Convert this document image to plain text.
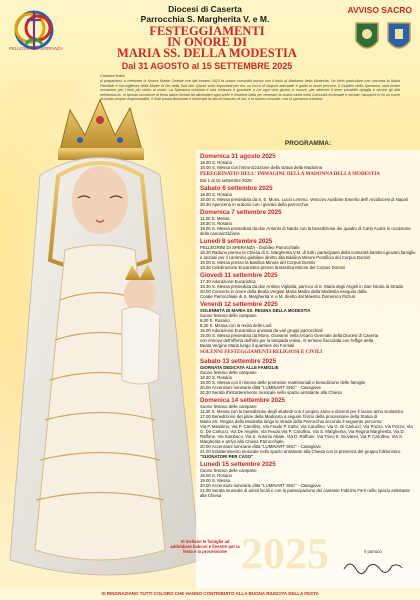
PELLEGRINI DI SPERANZA
Diocesi di Caserta
Parrocchia S. Margherita V. e M.
AVVISO SACRO
FESTEGGIAMENTI
IN ONORE DI
MARIA SS. DELLA MODESTIA
Dal 31 AGOSTO al 15 SETTEMBRE 2025
Carissimi fedeli,
si prepariamo a celebrare la Nostra Madre Celeste che dal lontano 1623 la nostra comunità invoca con il titolo di Madonna della Modestia. Un titolo particolare che racconta la Maria Familiale e l'accoglienza della Madre di Dio nella Sua vita. Questi sono importanti per noi, un tocco di stupore adorabile e guida ai nostri percorsi. Il Giubileo della Speranza, sarà inoltre occasione per i temi più vicino ai nostri. La Speranza cristiana è una certezza e guardare a Lei ogni vero giorno ci muove, per ottenere il bene possibile ripaglia e servire gli altri nell'annuncio. In questa occasione di festa siamo invitati ad alimentare ogni stelle e renderla bella per venerare la nostra carità nella Comunità ecclesiale e sociale, riscoprire in lei un cuore accorato proprio responsabilità. Il Sole possa illuminare e rinnovare la vita di ciascuno di noi, e la nostra comunità, con la speranza cristiana.
PROGRAMMA:
Domenica 31 agosto 2025
18.30 S. Rosario
19.00 S. Messa con l'intronizzazione della statua della Madonna
PEREGRINATIO DELL' IMMAGINE DELLA MADONNA DELLA MODESTIA
Dal 1 al 10 settembre 2025
Sabato 6 settembre 2025
18.30 S. Rosario
19.00 S. Messa presieduta da S. E. Mons. Lucio Lemmo, Vescovo Ausiliare Emerito dell' Arcidiocesi di Napoli
20.30 Apericena in oratorio con i giovani della parrocchia
Domenica 7 settembre 2025
11.30 S. Messa
18.30 S. Rosario
19.00 S. Messa presieduta da don Antonio di Nardo con la benedizione dei quadro di Carlo Acutis in occasione della canonizzazione
Lunedì 8 settembre 2025
PELLEGRINI DI SPERANZA - Giubileo Parrocchiale
18.30 Raduno presso la Chiesa di S. Margherita V.M. di tutti i partecipanti della comunità bambini,giovani,famiglie e anziani per il cammino giubilare diretto alla Basilica Minore Pontificia del Corpus Domini
19.00 S. Messa presso la Basilica Minore del Corpus Domini
19.30 Celebrazione Eucaristica presso la Basilica Minore del Corpus Domini
Giovedì 11 settembre 2025
17.30 Adorazione Eucaristica
18.30 S. Messa presieduta da don Antimo Vigliotta, parroco di S. Maria degli Angeli in San Nicola la Strada
20.00 Concerto in onore della Beata Vergine Maria Madre della Modestia eseguito dalla
Corale Parrocchiale di S. Margherita V. e M. diretto dal Maestro Domenico Pizzuti
Venerdì 12 settembre 2025
SOLENNITÀ DI MARIA SS. REGINA DELLA MODESTIA
Suono festoso delle campane
8.00 S. Rosario
8.30 S. Messa con la recita delle Lodi
16.00 Adorazione Eucaristica animata da vari gruppi parrocchiali
19.00 S. Messa presieduta da Mons. Giovanni Vella,Vicario Generale della Diocesi di Caserta
con rinnovo dell'offerta dell'olio per la lampada votiva. Al termine fiaccolata con l'effige della
Beata Vergine Maria lungo il quartiere dei Formali
SOLENNI FESTEGGIAMENTI RELIGIOSI E CIVILI
Sabato 13 settembre 2025
GIORNATA DEDICATA ALLE FAMIGLIE
Suono festoso delle campane
18.30 S. Rosario
19.00 S. Messa con il rinnovo delle promesse matrimoniali e benedizione delle famiglie
20.00 Accensioni luminarie ditta "LUMINART SNC" - Casagiove
20.30 Serata d'intrattenimento musicale nello spazio antistante alla Chiesa
Domenica 14 settembre 2025
Suono festoso delle campane
11.30 S. Messa con la benedizione degli studenti con il proprio zaino e docenti per il nuovo anno scolastico
17.00 Benedizione del pane della Madonna a seguire l'inizio della processione della Statua di
Maria SS. Regina della Modestia lungo le strade della Parrocchia secondo il seguente percorso:
Via F. Massimo, Via P. Carollino, Via Feudo P. Iratto, Via Carollino, Via G. Di Carlucci, Via Pozzo, Via Pozzo, Via G. De Carlucci, Via De Angelis, Via Feudo,Via P. Carollino, Via S. Margherita, Via Regina Margherita, Via D. Raffone, Via Sambuco, Via S. Antonio Abate, Via D. Raffone, Via Trivio S. Giovanni, Via P. Carollino, Via S. Margherita e arrivo alla Chiesa Parrocchiale.
20.00 Accensioni luminarie ditta "LUMINART SNC" - Casagiove
21.00 Intrattenimento musicale nello spazio antistante alla Chiesa con la presenza del gruppo folkloristico
"SUONATORI PER CASO"
Lunedì 15 settembre 2025
Suono festoso delle campane
18.00 S. Rosario
19.00 S. Messa
20.00 Accensioni luminarie ditta "LUMINART SNC" - Casagiove
21.00 Serata musicale di artisti locali e con la partecipazione del cantante Fabrizio Ferri nello spazio antistante alla Chiesa
Si invitano le famiglie ad addobbare balconi e finestre per la festa e la processione 2025	Il parroco
SI RINGRAZIANO TUTTI COLORO CHE HANNO CONTRIBUITO ALLA BUONA RIUSCITA DELLA FESTA
